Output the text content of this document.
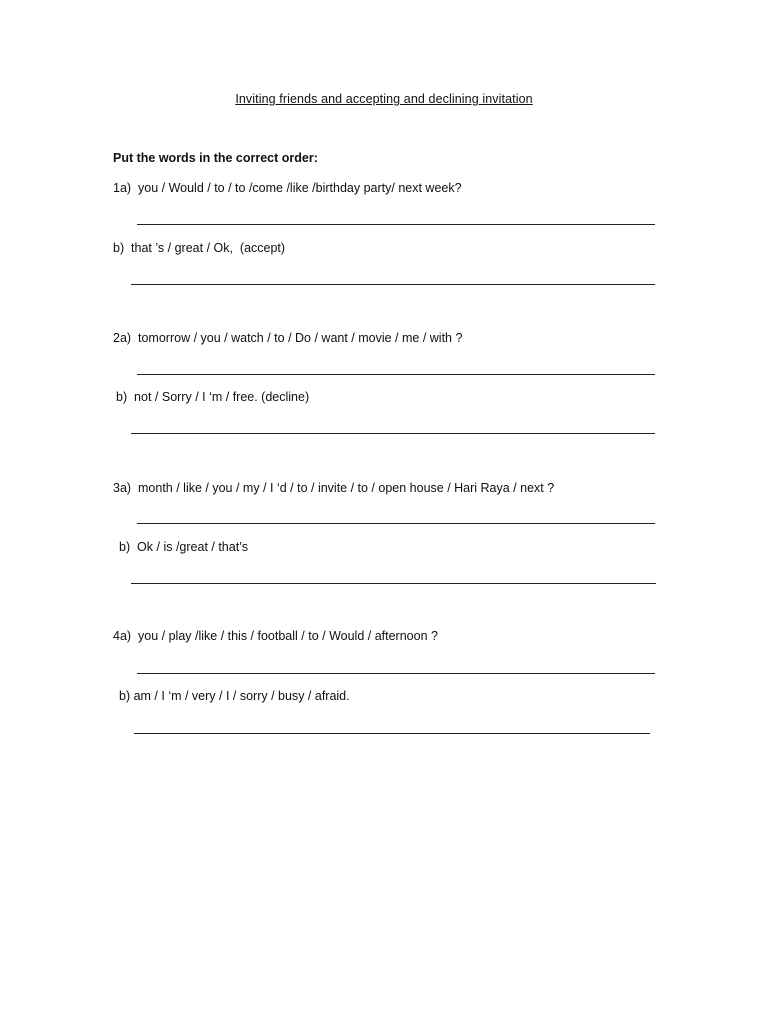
Inviting friends and accepting and declining invitation
Put the words in the correct order:
1a)  you / Would / to / to /come /like /birthday party/ next week?
b)  that ’s / great / Ok,  (accept)
2a)  tomorrow / you / watch / to / Do / want / movie / me / with ?
b)  not / Sorry / I ‘m / free. (decline)
3a)  month / like / you / my / I ‘d / to / invite / to / open house / Hari Raya / next ?
b)  Ok / is /great / that’s
4a)  you / play /like / this / football / to / Would / afternoon ?
b) am / I ‘m / very / I / sorry / busy / afraid.
